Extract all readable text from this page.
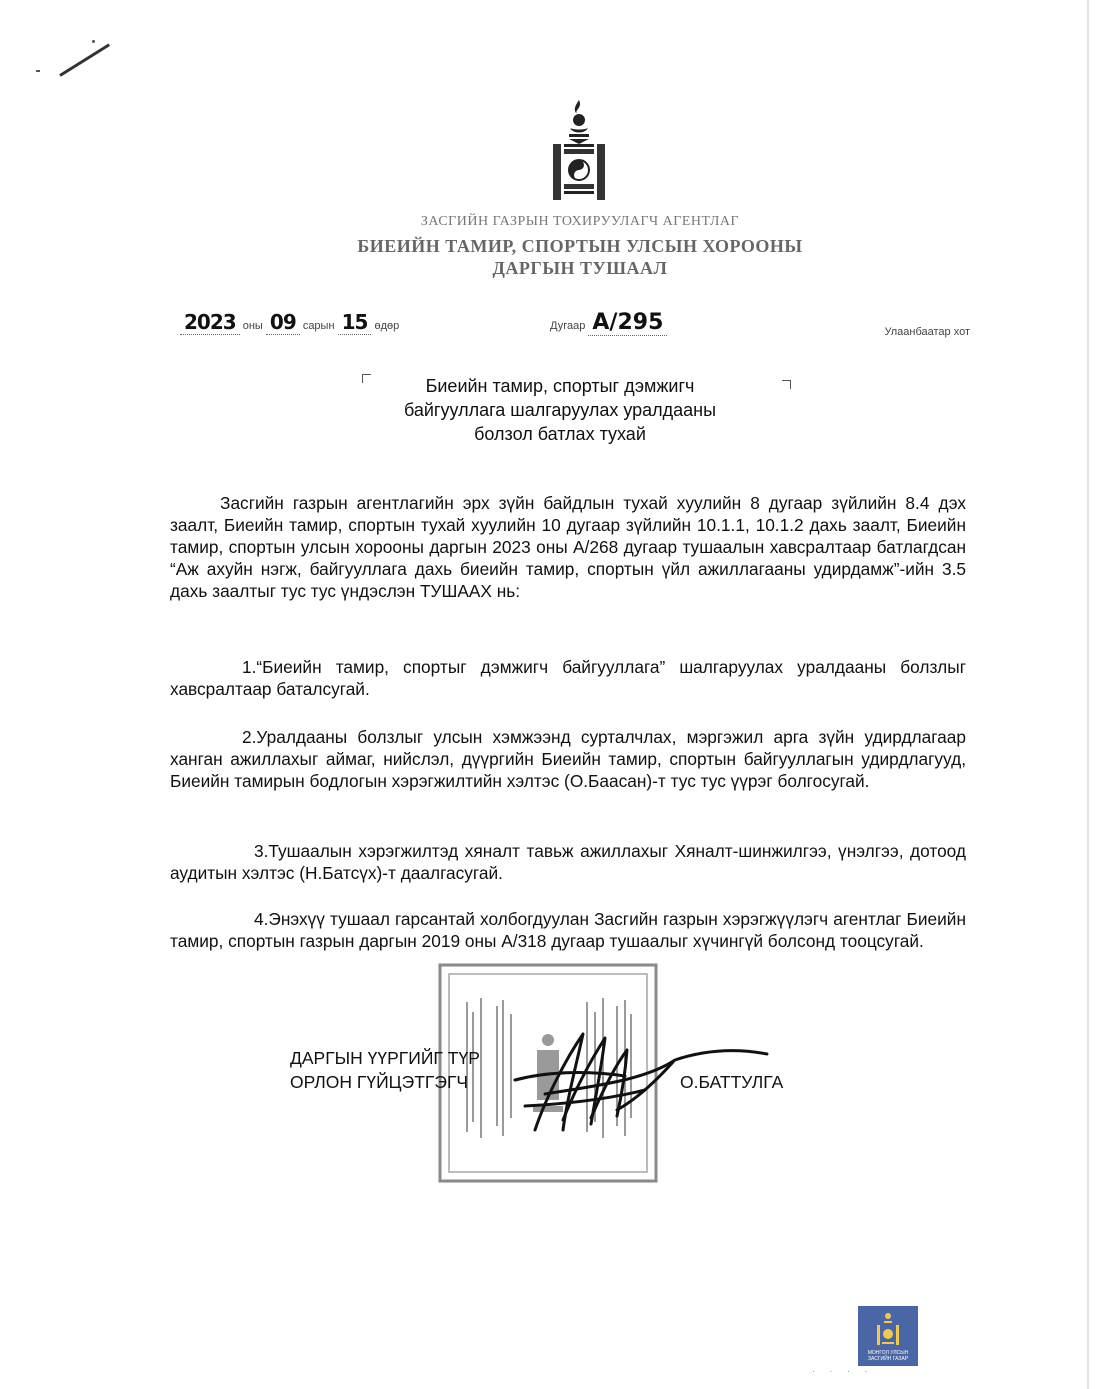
ЗАСГИЙН ГАЗРЫН ТОХИРУУЛАГЧ АГЕНТЛАГ
БИЕИЙН ТАМИР, СПОРТЫН УЛСЫН ХОРООНЫ
ДАРГЫН ТУШААЛ
2023 оны 09 сарын 15 өдөр	Дугаар А/295	Улаанбаатар хот
Биеийн тамир, спортыг дэмжигч
байгууллага шалгаруулах уралдааны
болзол батлах тухай
Засгийн газрын агентлагийн эрх зүйн байдлын тухай хуулийн 8 дугаар зүйлийн 8.4 дэх заалт, Биеийн тамир, спортын тухай хуулийн 10 дугаар зүйлийн 10.1.1, 10.1.2 дахь заалт, Биеийн тамир, спортын улсын хорооны даргын 2023 оны А/268 дугаар тушаалын хавсралтаар батлагдсан “Аж ахуйн нэгж, байгууллага дахь биеийн тамир, спортын үйл ажиллагааны удирдамж”-ийн 3.5 дахь заалтыг тус тус үндэслэн ТУШААХ нь:
1.“Биеийн тамир, спортыг дэмжигч байгууллага” шалгаруулах уралдааны болзлыг хавсралтаар баталсугай.
2.Уралдааны болзлыг улсын хэмжээнд сурталчлах, мэргэжил арга зүйн удирдлагаар ханган ажиллахыг аймаг, нийслэл, дүүргийн Биеийн тамир, спортын байгууллагын удирдлагууд, Биеийн тамирын бодлогын хэрэгжилтийн хэлтэс (О.Баасан)-т тус тус үүрэг болгосугай.
3.Тушаалын хэрэгжилтэд хяналт тавьж ажиллахыг Хяналт-шинжилгээ, үнэлгээ, дотоод аудитын хэлтэс (Н.Батсүх)-т даалгасугай.
4.Энэхүү тушаал гарсантай холбогдуулан Засгийн газрын хэрэгжүүлэгч агентлаг Биеийн тамир, спортын газрын даргын 2019 оны А/318 дугаар тушаалыг хүчингүй болсонд тооцсугай.
ДАРГЫН ҮҮРГИЙГ ТҮР
ОРЛОН ГҮЙЦЭТГЭГЧ	О.БАТТУЛГА
МОНГОЛ УЛСЫН
ЗАСГИЙН ГАЗАР
· · · ·
